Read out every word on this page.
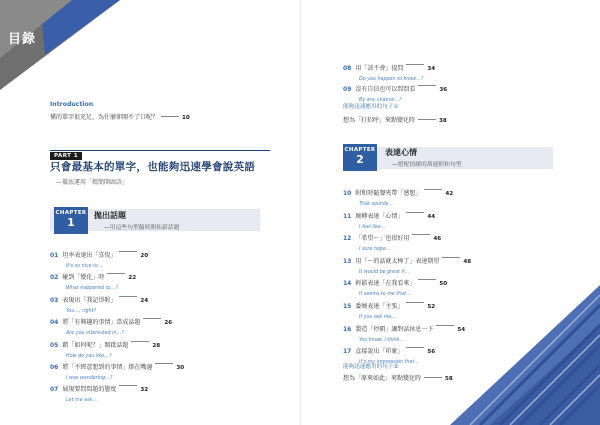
目錄
Introduction
懂的單字很充足，為什麼卻開不了口呢？	10
PART 1
只會最基本的單字，也能夠迅速學會說英語
—徹底運用「精簡開頭語」
CHAPTER
1
拋出話題
—用這些句型隨時開拓新話題
01 坦率表達出「喜悅」	20
It's so nice to…
02 碰到「變化」時	22
What happened to…?
03 表現出「我記得喔」	24
You…, right?
04 將「有興趣的事情」當成話題	26
Are you interested in…?
05 藉「如何呢？」開啟話題	28
How do you like…?
06 將「不經意想到的事情」掛在嘴邊	30
I was wondering…?
07 展現要問問題的態度	32
Let me ask…
08 用「該不會」提問	34
Do you happen to know…?
09 沒有自信也可以問問看	36
By any chance…?
能夠迅速應用的句子①
想為「打招呼」來點變化時	38
CHAPTER
2
表達心情
—搭配情緒的萬能附和句型
10 附和時隨聲夾帶「感想」	42
That sounds…
11 婉轉表達「心情」	44
I feel like…
12 「希望～」也很好用	46
I sure hope…
13 用「～的話就太棒了」表達期望	48
It would be great if…
14 輕鬆表達「在我看來」	50
It seems to me that…
15 委婉表達「主張」	52
If you ask me,…
16 製造「停頓」讓對話休息一下	54
You know, I think…
17 直接說出「印象」	56
It's my impression that…
能夠迅速應用的句子②
想為「原來如此」來點變化時	58
